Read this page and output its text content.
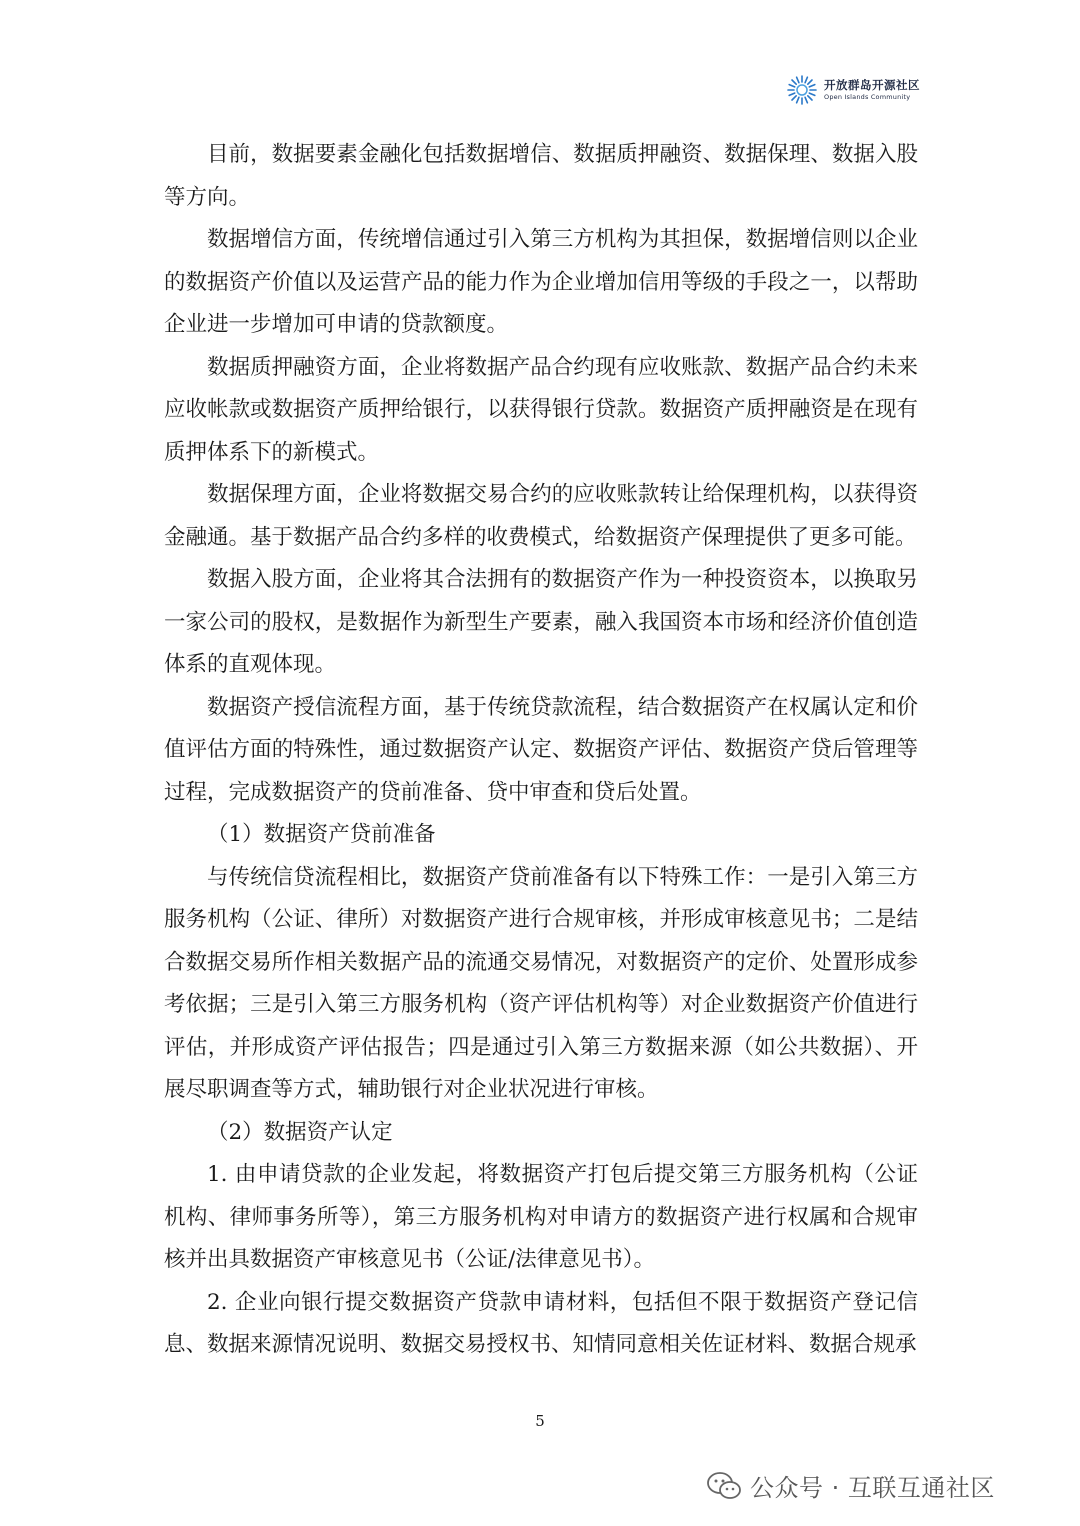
开放群岛开源社区
Open Islands Community

目前，数据要素金融化包括数据增信、数据质押融资、数据保理、数据入股等方向。

数据增信方面，传统增信通过引入第三方机构为其担保，数据增信则以企业的数据资产价值以及运营产品的能力作为企业增加信用等级的手段之一，以帮助企业进一步增加可申请的贷款额度。

数据质押融资方面，企业将数据产品合约现有应收账款、数据产品合约未来应收帐款或数据资产质押给银行，以获得银行贷款。数据资产质押融资是在现有质押体系下的新模式。

数据保理方面，企业将数据交易合约的应收账款转让给保理机构，以获得资金融通。基于数据产品合约多样的收费模式，给数据资产保理提供了更多可能。

数据入股方面，企业将其合法拥有的数据资产作为一种投资资本，以换取另一家公司的股权，是数据作为新型生产要素，融入我国资本市场和经济价值创造体系的直观体现。

数据资产授信流程方面，基于传统贷款流程，结合数据资产在权属认定和价值评估方面的特殊性，通过数据资产认定、数据资产评估、数据资产贷后管理等过程，完成数据资产的贷前准备、贷中审查和贷后处置。

（1）数据资产贷前准备

与传统信贷流程相比，数据资产贷前准备有以下特殊工作：一是引入第三方服务机构（公证、律所）对数据资产进行合规审核，并形成审核意见书；二是结合数据交易所作相关数据产品的流通交易情况，对数据资产的定价、处置形成参考依据；三是引入第三方服务机构（资产评估机构等）对企业数据资产价值进行评估，并形成资产评估报告；四是通过引入第三方数据来源（如公共数据）、开展尽职调查等方式，辅助银行对企业状况进行审核。

（2）数据资产认定

1. 由申请贷款的企业发起，将数据资产打包后提交第三方服务机构（公证机构、律师事务所等），第三方服务机构对申请方的数据资产进行权属和合规审核并出具数据资产审核意见书（公证/法律意见书）。

2. 企业向银行提交数据资产贷款申请材料，包括但不限于数据资产登记信息、数据来源情况说明、数据交易授权书、知情同意相关佐证材料、数据合规承

5
公众号 · 互联互通社区
